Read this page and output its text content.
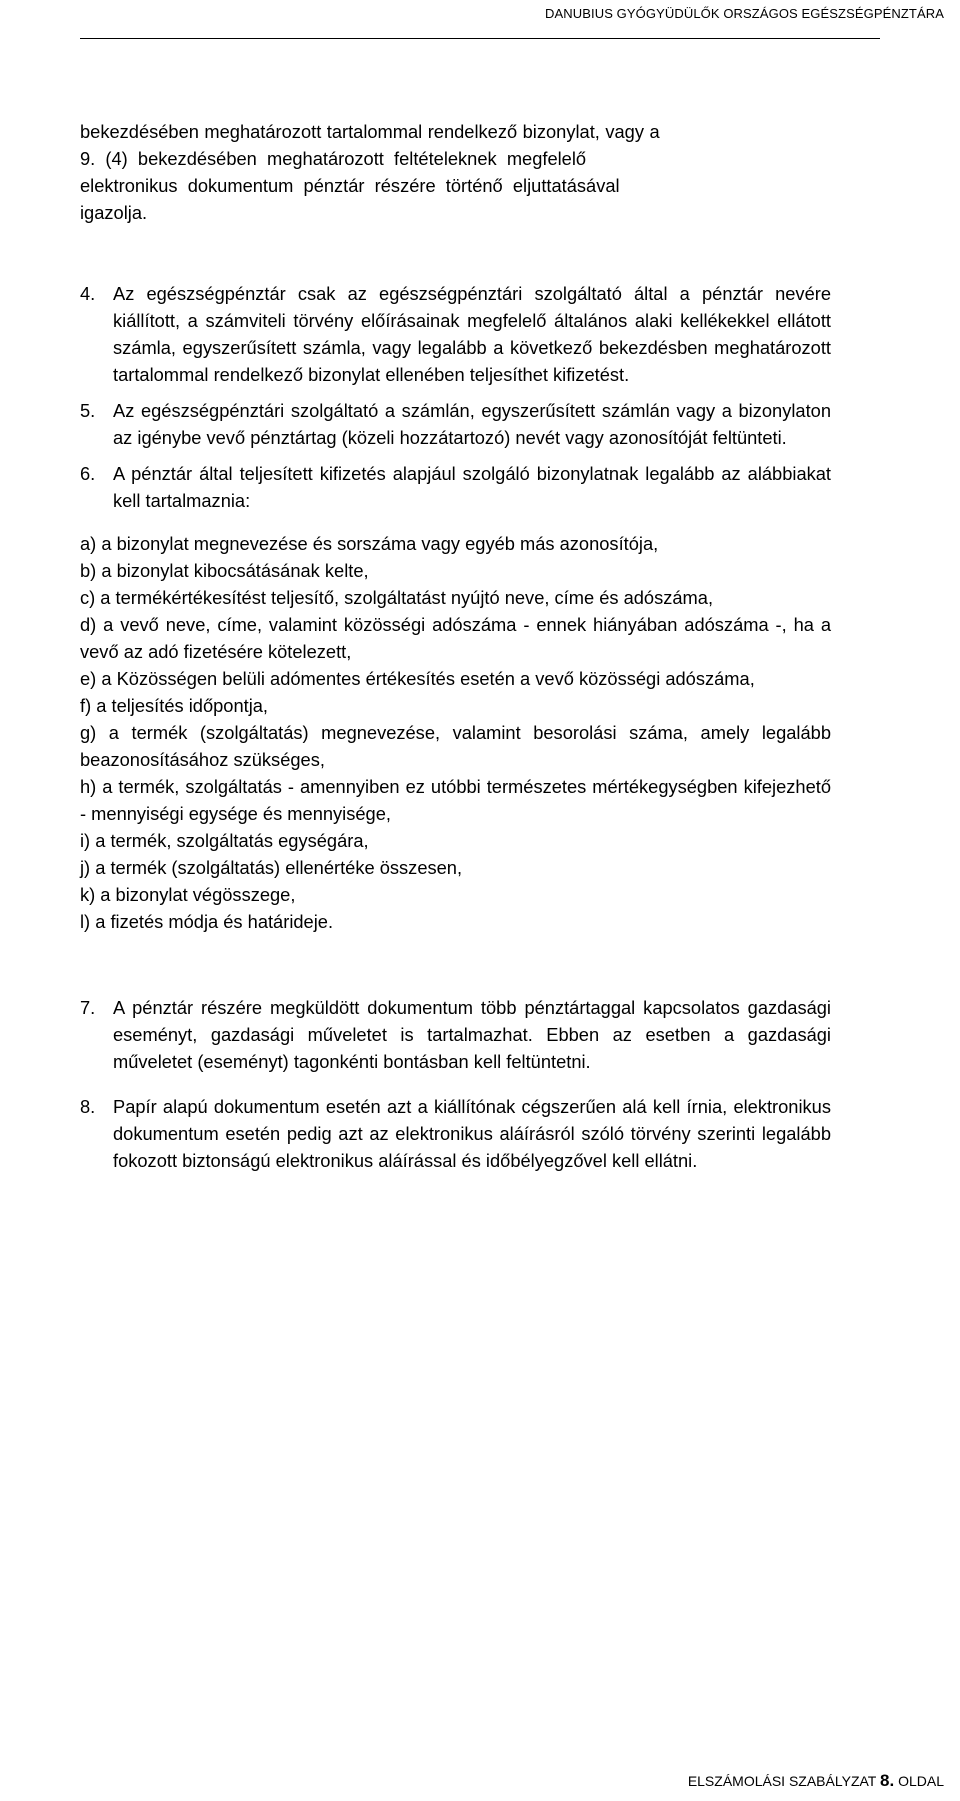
DANUBIUS GYÓGYÜDÜLŐK ORSZÁGOS EGÉSZSÉGPÉNZTÁRA
bekezdésében meghatározott tartalommal rendelkező bizonylat, vagy a
9.  (4)  bekezdésében  meghatározott  feltételeknek  megfelelő
elektronikus  dokumentum  pénztár  részére  történő  eljuttatásával
igazolja.
4. Az egészségpénztár csak az egészségpénztári szolgáltató által a pénztár nevére kiállított, a számviteli törvény előírásainak megfelelő általános alaki kellékekkel ellátott számla, egyszerűsített számla, vagy legalább a következő bekezdésben meghatározott tartalommal rendelkező bizonylat ellenében teljesíthet kifizetést.
5. Az egészségpénztári szolgáltató a számlán, egyszerűsített számlán vagy a bizonylaton az igénybe vevő pénztártag (közeli hozzátartozó) nevét vagy azonosítóját feltünteti.
6. A pénztár által teljesített kifizetés alapjául szolgáló bizonylatnak legalább az alábbiakat kell tartalmaznia:

a) a bizonylat megnevezése és sorszáma vagy egyéb más azonosítója,

b) a bizonylat kibocsátásának kelte,

c) a termékértékesítést teljesítő, szolgáltatást nyújtó neve, címe és adószáma,

d) a vevő neve, címe, valamint közösségi adószáma - ennek hiányában adószáma -, ha a vevő az adó fizetésére kötelezett,

e) a Közösségen belüli adómentes értékesítés esetén a vevő közösségi adószáma,

f) a teljesítés időpontja,

g) a termék (szolgáltatás) megnevezése, valamint besorolási száma, amely legalább beazonosításához szükséges,

h) a termék, szolgáltatás - amennyiben ez utóbbi természetes mértékegységben kifejezhető - mennyiségi egysége és mennyisége,

i) a termék, szolgáltatás egységára,

j) a termék (szolgáltatás) ellenértéke összesen,

k) a bizonylat végösszege,

l) a fizetés módja és határideje.

7. A pénztár részére megküldött dokumentum több pénztártaggal kapcsolatos gazdasági eseményt, gazdasági műveletet is tartalmazhat. Ebben az esetben a gazdasági műveletet (eseményt) tagonkénti bontásban kell feltüntetni.
8. Papír alapú dokumentum esetén azt a kiállítónak cégszerűen alá kell írnia, elektronikus dokumentum esetén pedig azt az elektronikus aláírásról szóló törvény szerinti legalább fokozott biztonságú elektronikus aláírással és időbélyegzővel kell ellátni.
ELSZÁMOLÁSI SZABÁLYZAT 8. OLDAL
